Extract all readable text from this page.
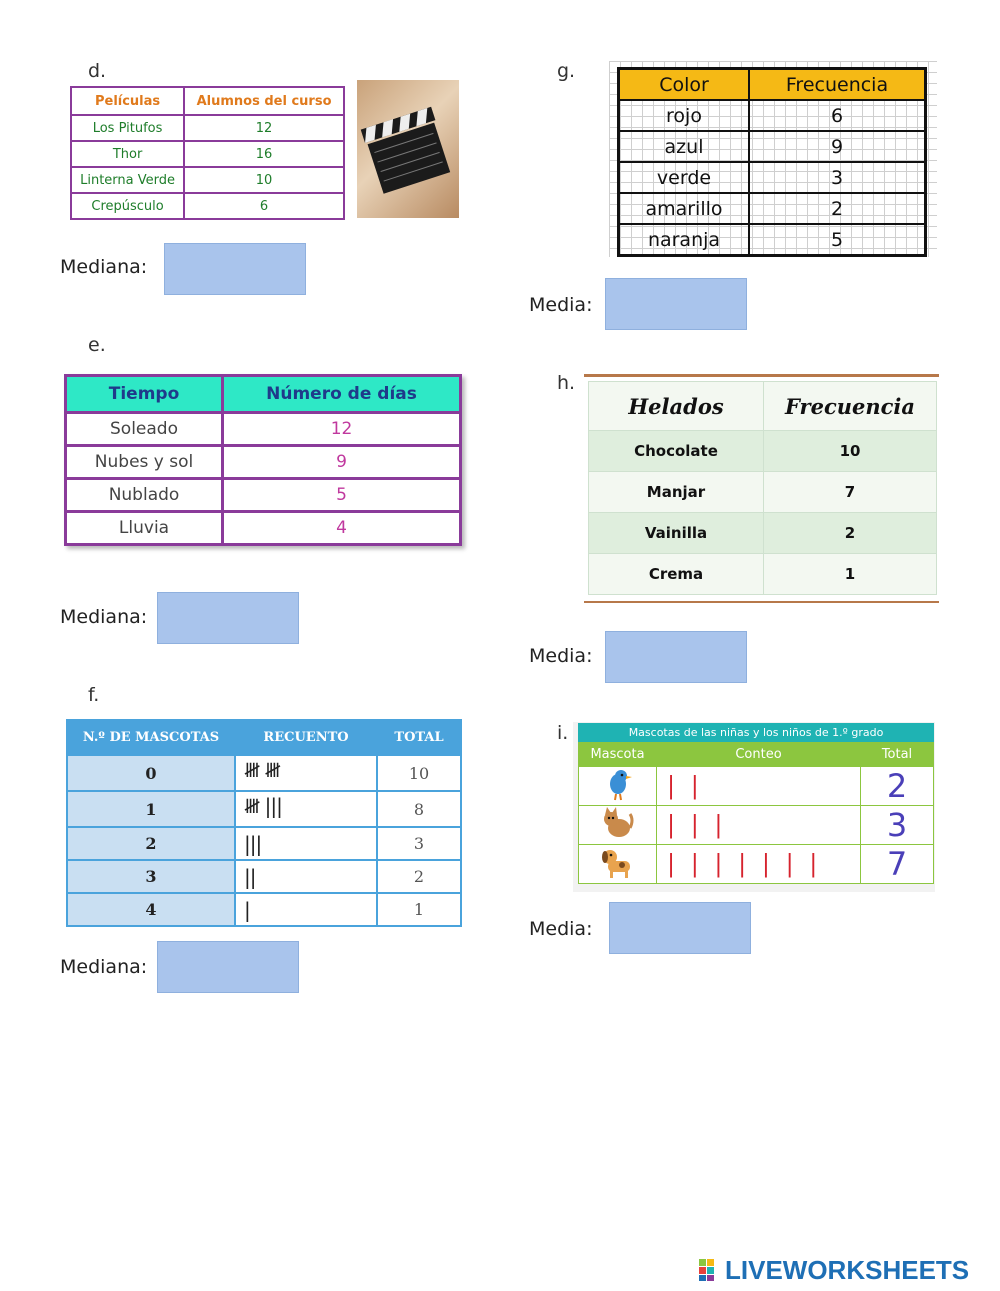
d.
Películas	Alumnos del curso
Los Pitufos	12
Thor	16
Linterna Verde	10
Crepúsculo	6
Mediana:
e.
Tiempo	Número de días
Soleado	12
Nubes y sol	9
Nublado	5
Lluvia	4
Mediana:
f.
N.º DE MASCOTAS	RECUENTO	TOTAL
0	𝍸 𝍸	10
1	𝍸 |||	8
2	|||	3
3	||	2
4	|	1
Mediana:
g.
Color	Frecuencia
rojo	6
azul	9
verde	3
amarillo	2
naranja	5
Media:
h.
Helados	Frecuencia
Chocolate	10
Manjar	7
Vainilla	2
Crema	1
Media:
i.	Mascotas de las niñas y los niños de 1.º grado
Mascota	Conteo	Total
	| |	2
	| | |	3
	| | | | | | |	7
Media:
LIVEWORKSHEETS
